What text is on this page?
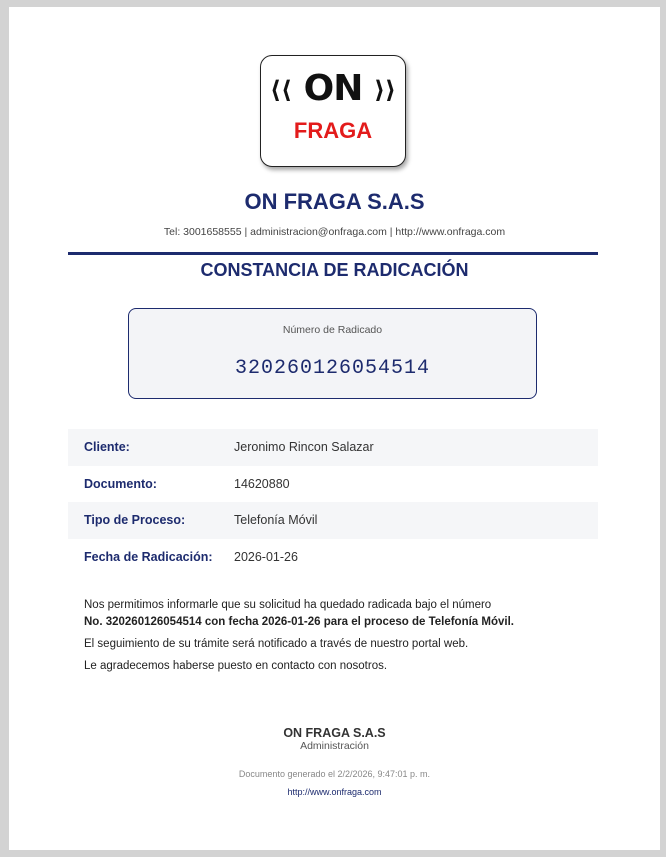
⟨⟨ ON ⟩⟩
FRAGA
ON FRAGA S.A.S
Tel: 3001658555 | administracion@onfraga.com | http://www.onfraga.com
CONSTANCIA DE RADICACIÓN
Número de Radicado
320260126054514
Cliente:	Jeronimo Rincon Salazar
Documento:	14620880
Tipo de Proceso:	Telefonía Móvil
Fecha de Radicación:	2026-01-26

Nos permitimos informarle que su solicitud ha quedado radicada bajo el número

No. 320260126054514 con fecha 2026-01-26 para el proceso de Telefonía Móvil.

El seguimiento de su trámite será notificado a través de nuestro portal web.

Le agradecemos haberse puesto en contacto con nosotros.

ON FRAGA S.A.S
Administración
Documento generado el 2/2/2026, 9:47:01 p. m.
http://www.onfraga.com
